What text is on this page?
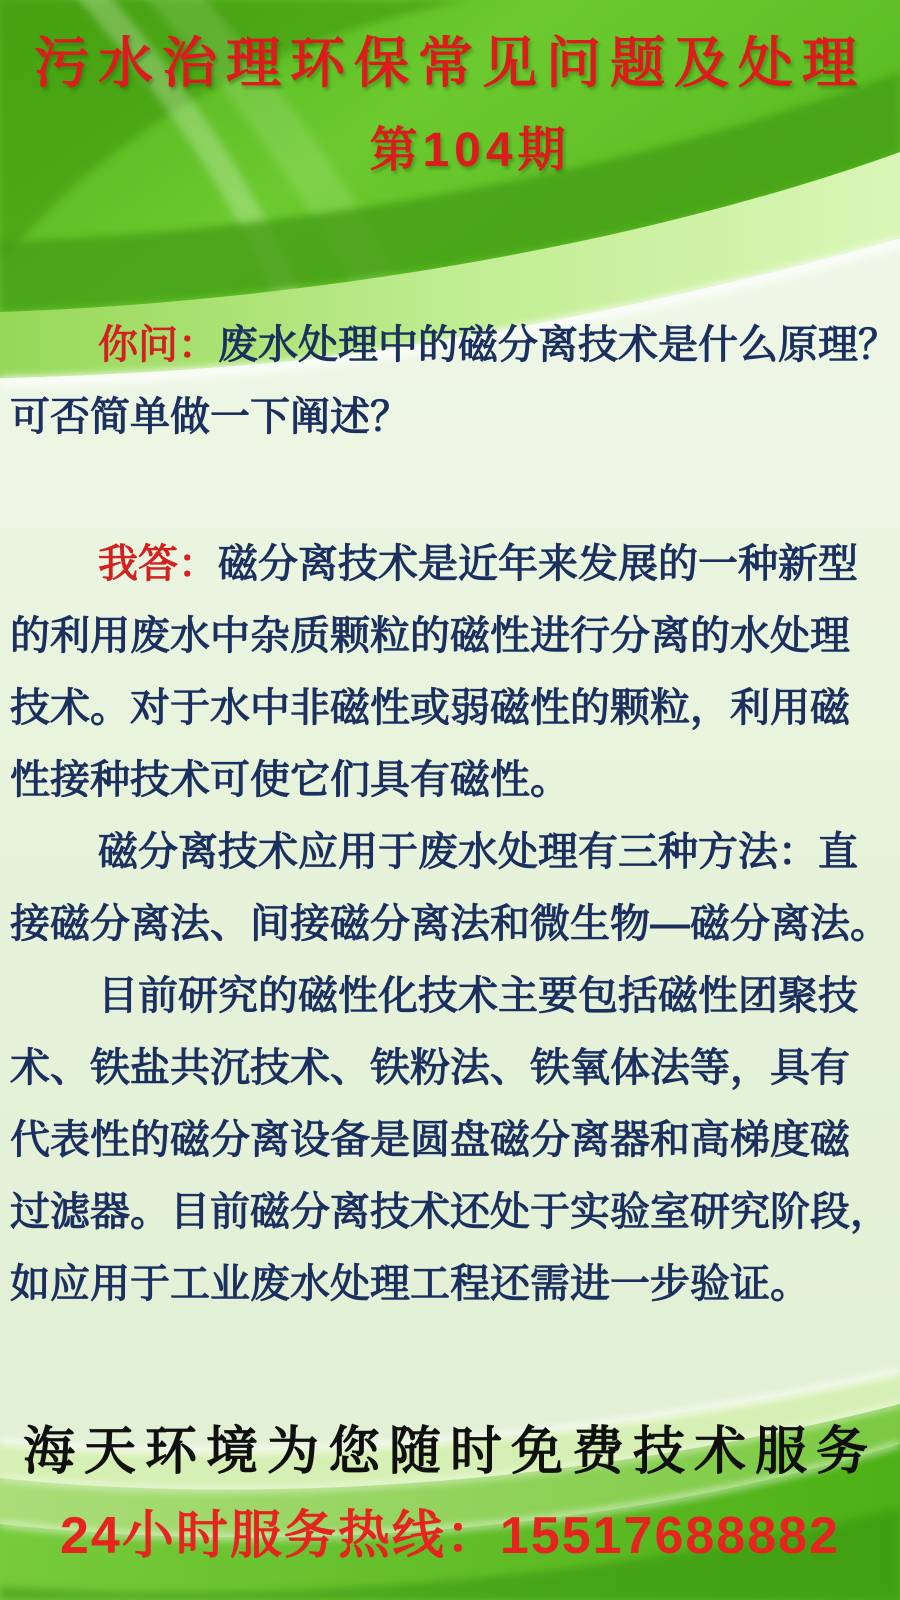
污水治理环保常见问题及处理
第104期
你问：废水处理中的磁分离技术是什么原理？
可否简单做一下阐述？
我答：磁分离技术是近年来发展的一种新型
的利用废水中杂质颗粒的磁性进行分离的水处理
技术。对于水中非磁性或弱磁性的颗粒，利用磁
性接种技术可使它们具有磁性。
磁分离技术应用于废水处理有三种方法：直
接磁分离法、间接磁分离法和微生物—磁分离法。
目前研究的磁性化技术主要包括磁性团聚技
术、铁盐共沉技术、铁粉法、铁氧体法等，具有
代表性的磁分离设备是圆盘磁分离器和高梯度磁
过滤器。目前磁分离技术还处于实验室研究阶段，
如应用于工业废水处理工程还需进一步验证。
海天环境为您随时免费技术服务
24小时服务热线：15517688882
